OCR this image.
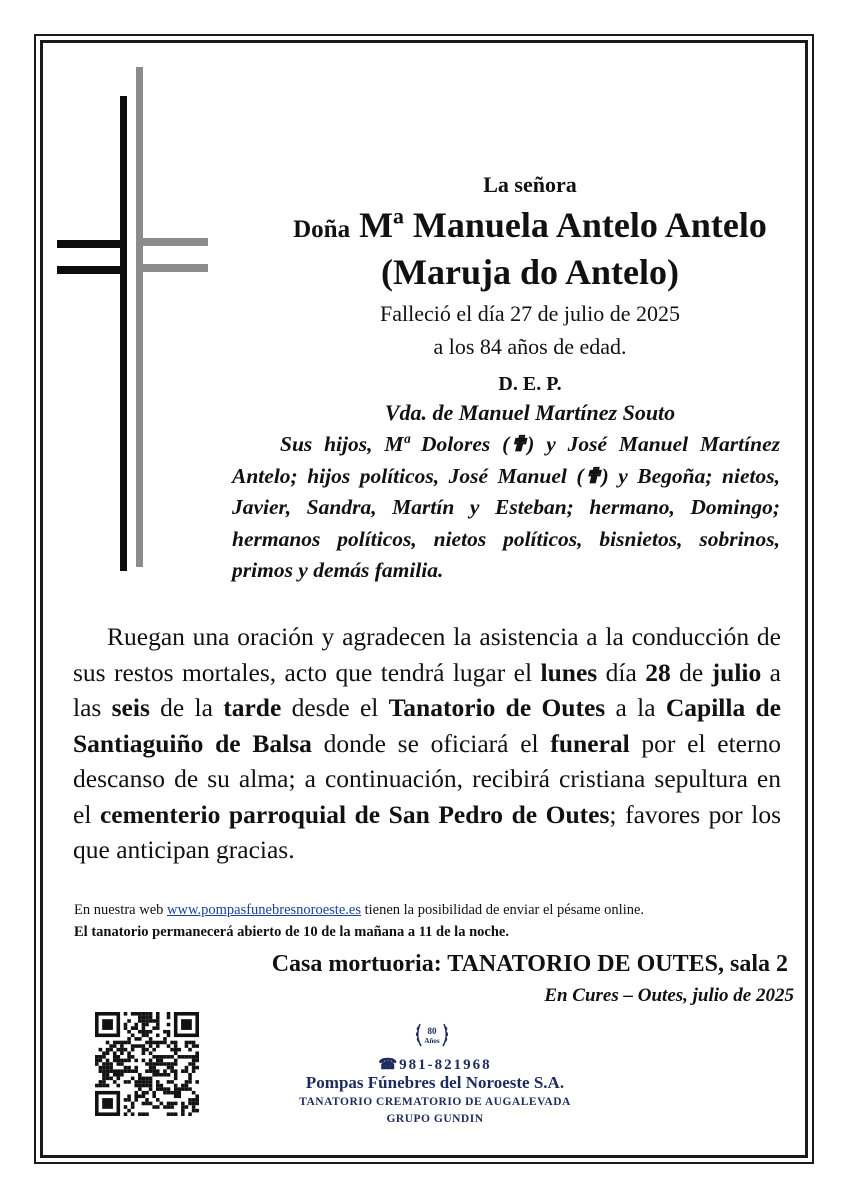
La señora
Doña Mª Manuela Antelo Antelo
(Maruja do Antelo)
Falleció el día 27 de julio de 2025
a los 84 años de edad.
D. E. P.
Vda. de Manuel Martínez Souto
Sus hijos, Mª Dolores (✟) y José Manuel Martínez Antelo; hijos políticos, José Manuel (✟) y Begoña; nietos, Javier, Sandra, Martín y Esteban; hermano, Domingo; hermanos políticos, nietos políticos, bisnietos, sobrinos, primos y demás familia.
Ruegan una oración y agradecen la asistencia a la conducción de sus restos mortales, acto que tendrá lugar el lunes día 28 de julio a las seis de la tarde desde el Tanatorio de Outes a la Capilla de Santiaguiño de Balsa donde se oficiará el funeral por el eterno descanso de su alma; a continuación, recibirá cristiana sepultura en el cementerio parroquial de San Pedro de Outes; favores por los que anticipan gracias.
En nuestra web www.pompasfunebresnoroeste.es tienen la posibilidad de enviar el pésame online.
El tanatorio permanecerá abierto de 10 de la mañana a 11 de la noche.
Casa mortuoria: TANATORIO DE OUTES, sala 2
En Cures – Outes, julio de 2025
80
Años
☎981-821968
Pompas Fúnebres del Noroeste S.A.
TANATORIO CREMATORIO DE AUGALEVADA
GRUPO GUNDIN
